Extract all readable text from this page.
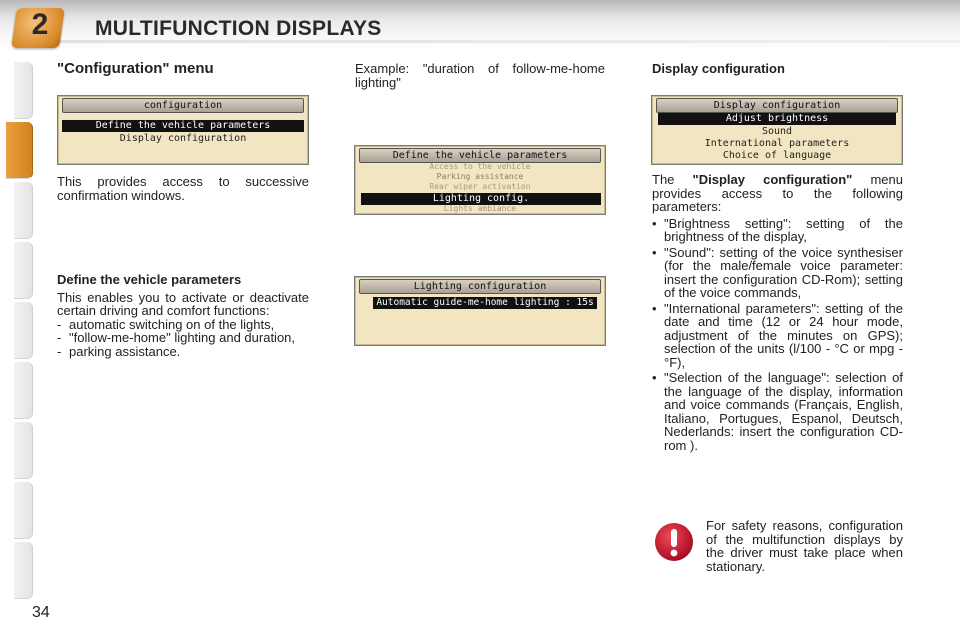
2 MULTIFUNCTION DISPLAYS
34

"Configuration" menu

configuration
Define the vehicle parameters
Display configuration

This provides access to successive confirmation windows.

Define the vehicle parameters

This enables you to activate or deactivate certain driving and comfort functions:

- automatic switching on of the lights,
- "follow-me-home" lighting and duration,
- parking assistance.

Example: "duration of follow-me-home lighting"

Define the vehicle parameters
Access to the vehicle
Parking assistance
Rear wiper activation
Lighting config.
Lights ambiance
Lighting configuration
Automatic guide-me-home lighting : 15s

Display configuration

Display configuration
Adjust brightness
Sound
International parameters
Choice of language

The "Display configuration" menu provides access to the following parameters:

• "Brightness setting": setting of the brightness of the display,
• "Sound": setting of the voice synthesiser (for the male/female voice parameter: insert the configuration CD-Rom); setting of the voice commands,
• "International parameters": setting of the date and time (12 or 24 hour mode, adjustment of the minutes on GPS); selection of the units (l/100 - °C or mpg - °F),
• "Selection of the language": selection of the language of the display, information and voice commands (Français, English, Italiano, Portugues, Espanol, Deutsch, Nederlands: insert the configuration CD-rom ).

For safety reasons, configuration of the multifunction displays by the driver must take place when stationary.
